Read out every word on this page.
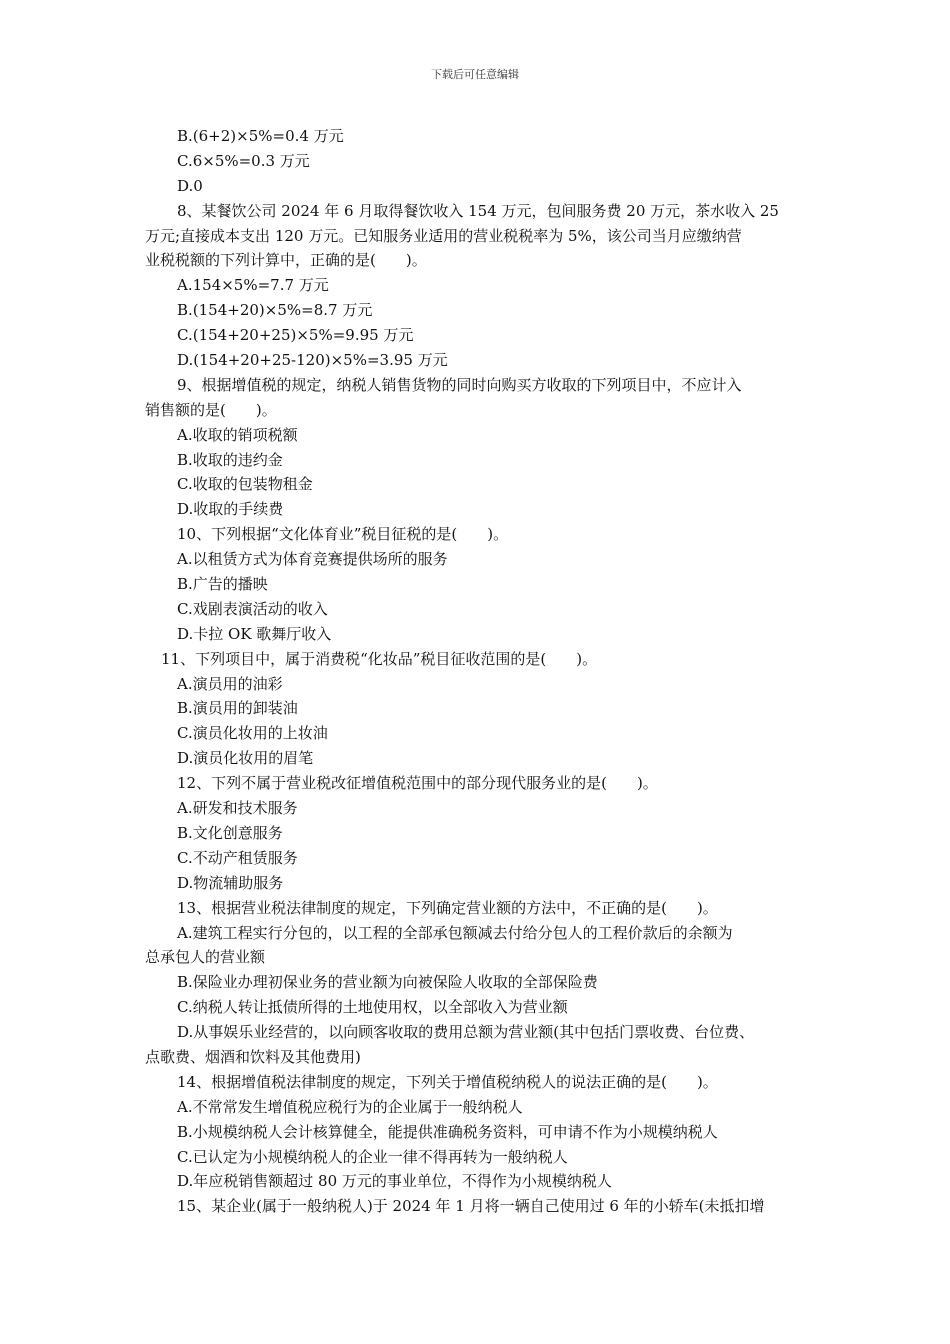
下载后可任意编辑
B.(6+2)×5%=0.4 万元
C.6×5%=0.3 万元
D.0
8、某餐饮公司 2024 年 6 月取得餐饮收入 154 万元，包间服务费 20 万元，茶水收入 25
万元;直接成本支出 120 万元。已知服务业适用的营业税税率为 5%，该公司当月应缴纳营
业税税额的下列计算中，正确的是(　　)。
A.154×5%=7.7 万元
B.(154+20)×5%=8.7 万元
C.(154+20+25)×5%=9.95 万元
D.(154+20+25-120)×5%=3.95 万元
9、根据增值税的规定，纳税人销售货物的同时向购买方收取的下列项目中，不应计入
销售额的是(　　)。
A.收取的销项税额
B.收取的违约金
C.收取的包装物租金
D.收取的手续费
10、下列根据“文化体育业”税目征税的是(　　)。
A.以租赁方式为体育竞赛提供场所的服务
B.广告的播映
C.戏剧表演活动的收入
D.卡拉 OK 歌舞厅收入
11、下列项目中，属于消费税“化妆品”税目征收范围的是(　　)。
A.演员用的油彩
B.演员用的卸装油
C.演员化妆用的上妆油
D.演员化妆用的眉笔
12、下列不属于营业税改征增值税范围中的部分现代服务业的是(　　)。
A.研发和技术服务
B.文化创意服务
C.不动产租赁服务
D.物流辅助服务
13、根据营业税法律制度的规定，下列确定营业额的方法中，不正确的是(　　)。
A.建筑工程实行分包的，以工程的全部承包额减去付给分包人的工程价款后的余额为
总承包人的营业额
B.保险业办理初保业务的营业额为向被保险人收取的全部保险费
C.纳税人转让抵债所得的土地使用权，以全部收入为营业额
D.从事娱乐业经营的，以向顾客收取的费用总额为营业额(其中包括门票收费、台位费、
点歌费、烟酒和饮料及其他费用)
14、根据增值税法律制度的规定，下列关于增值税纳税人的说法正确的是(　　)。
A.不常常发生增值税应税行为的企业属于一般纳税人
B.小规模纳税人会计核算健全，能提供准确税务资料，可申请不作为小规模纳税人
C.已认定为小规模纳税人的企业一律不得再转为一般纳税人
D.年应税销售额超过 80 万元的事业单位，不得作为小规模纳税人
15、某企业(属于一般纳税人)于 2024 年 1 月将一辆自己使用过 6 年的小轿车(未抵扣增
